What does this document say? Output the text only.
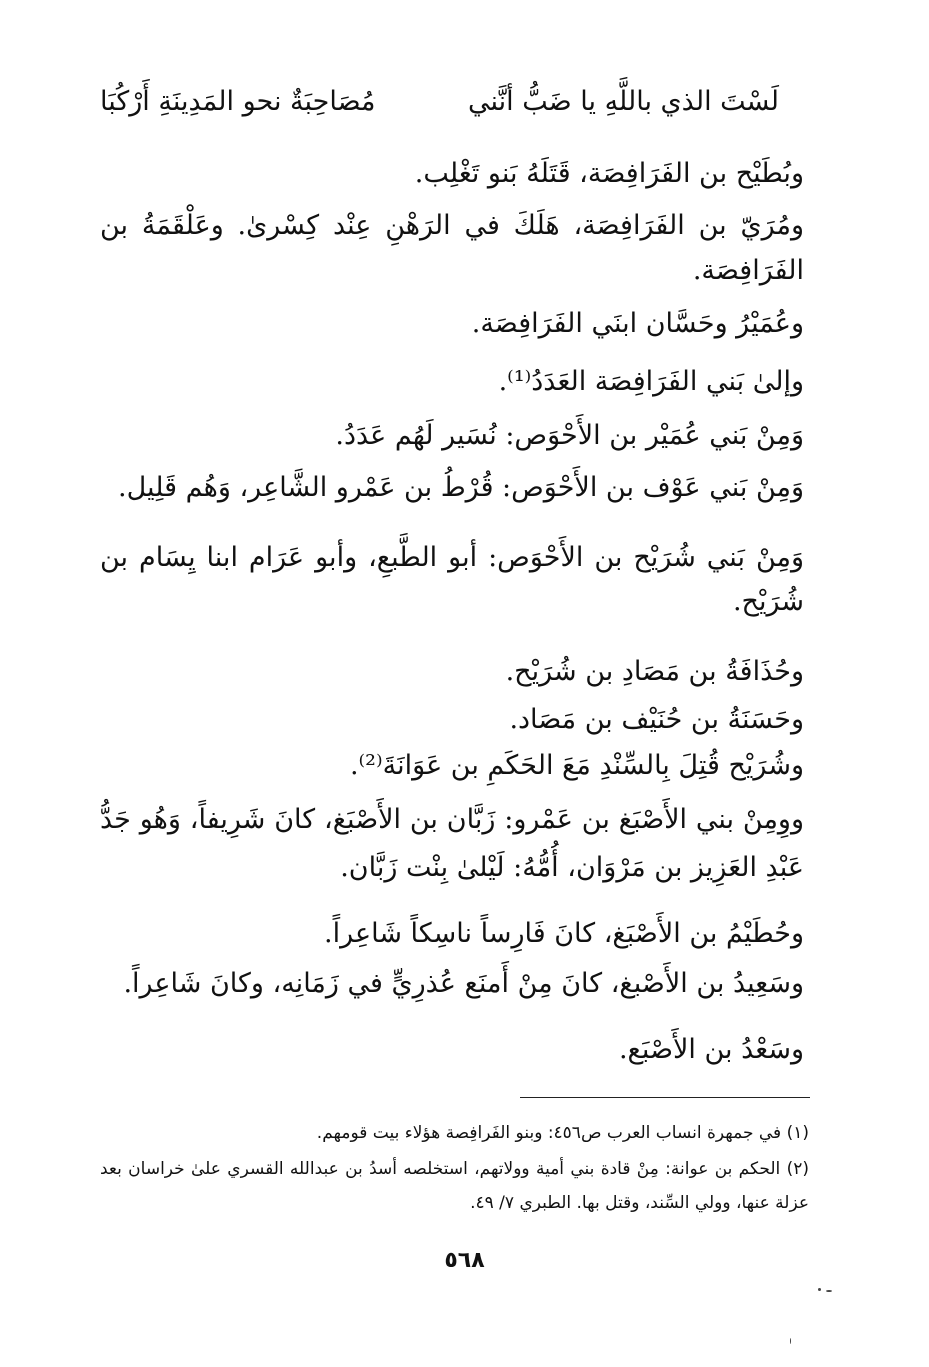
لَسْتَ الذي باللَّهِ يا ضَبُّ أنَّني
مُصَاحِبَةٌ نحو المَدِينَةِ أَرْكُبَا
وبُطَيْح بن الفَرَافِصَة، قَتَلَهُ بَنو تَغْلِب.
ومُرَيّ بن الفَرَافِصَة، هَلَكَ في الرَهْنِ عِنْد كِسْرىٰ. وعَلْقَمَةُ بن
الفَرَافِصَة.
وعُمَيْرُ وحَسَّان ابنَي الفَرَافِصَة.
وإلىٰ بَني الفَرَافِصَة العَدَدُ⁽¹⁾.
وَمِنْ بَني عُمَيْر بن الأَحْوَص: نُسَير لَهُم عَدَدُ.
وَمِنْ بَني عَوْف بن الأَحْوَص: قُرْطُ بن عَمْرو الشَّاعِر، وَهُم قَلِيل.
وَمِنْ بَني شُرَيْح بن الأَحْوَص: أبو الطَّبعِ، وأبو عَرَام ابنا يِسَام بن
شُرَيْح.
وحُذَافَةُ بن مَصَادِ بن شُرَيْح.
وحَسَنَةُ بن حُنَيْف بن مَصَاد.
وشُرَيْح قُتِلَ بِالسِّنْدِ مَعَ الحَكَمِ بن عَوَانَةَ⁽²⁾.
ووِمِنْ بني الأَصْبَغ بن عَمْرو: زَبَّان بن الأَصْبَغ، كانَ شَرِيفاً، وَهُو جَدُّ
عَبْدِ العَزِيز بن مَرْوَان، أُمُّهُ: لَيْلىٰ بِنْت زَبَّان.
وحُطَيْمُ بن الأَصْبَغ، كانَ فَارِساً ناسِكاً شَاعِراً.
وسَعِيدُ بن الأَصْبغ، كانَ مِنْ أَمنَع عُذرِيٍّ في زَمَانِه، وكانَ شَاعِراً.
وسَعْدُ بن الأَصْبَع.
(١) في جمهرة انساب العرب ص٤٥٦: وبنو الفَرافِصة هؤلاء بيت قومهم.
(٢) الحكم بن عوانة: مِنْ قادة بني أمية وولاتهم، استخلصه أسدُ بن عبدالله القسري علىٰ خراسان بعد
عزلة عنها، وولي السِّند، وقتل بها. الطبري ٧/ ٤٩.
٥٦٨
